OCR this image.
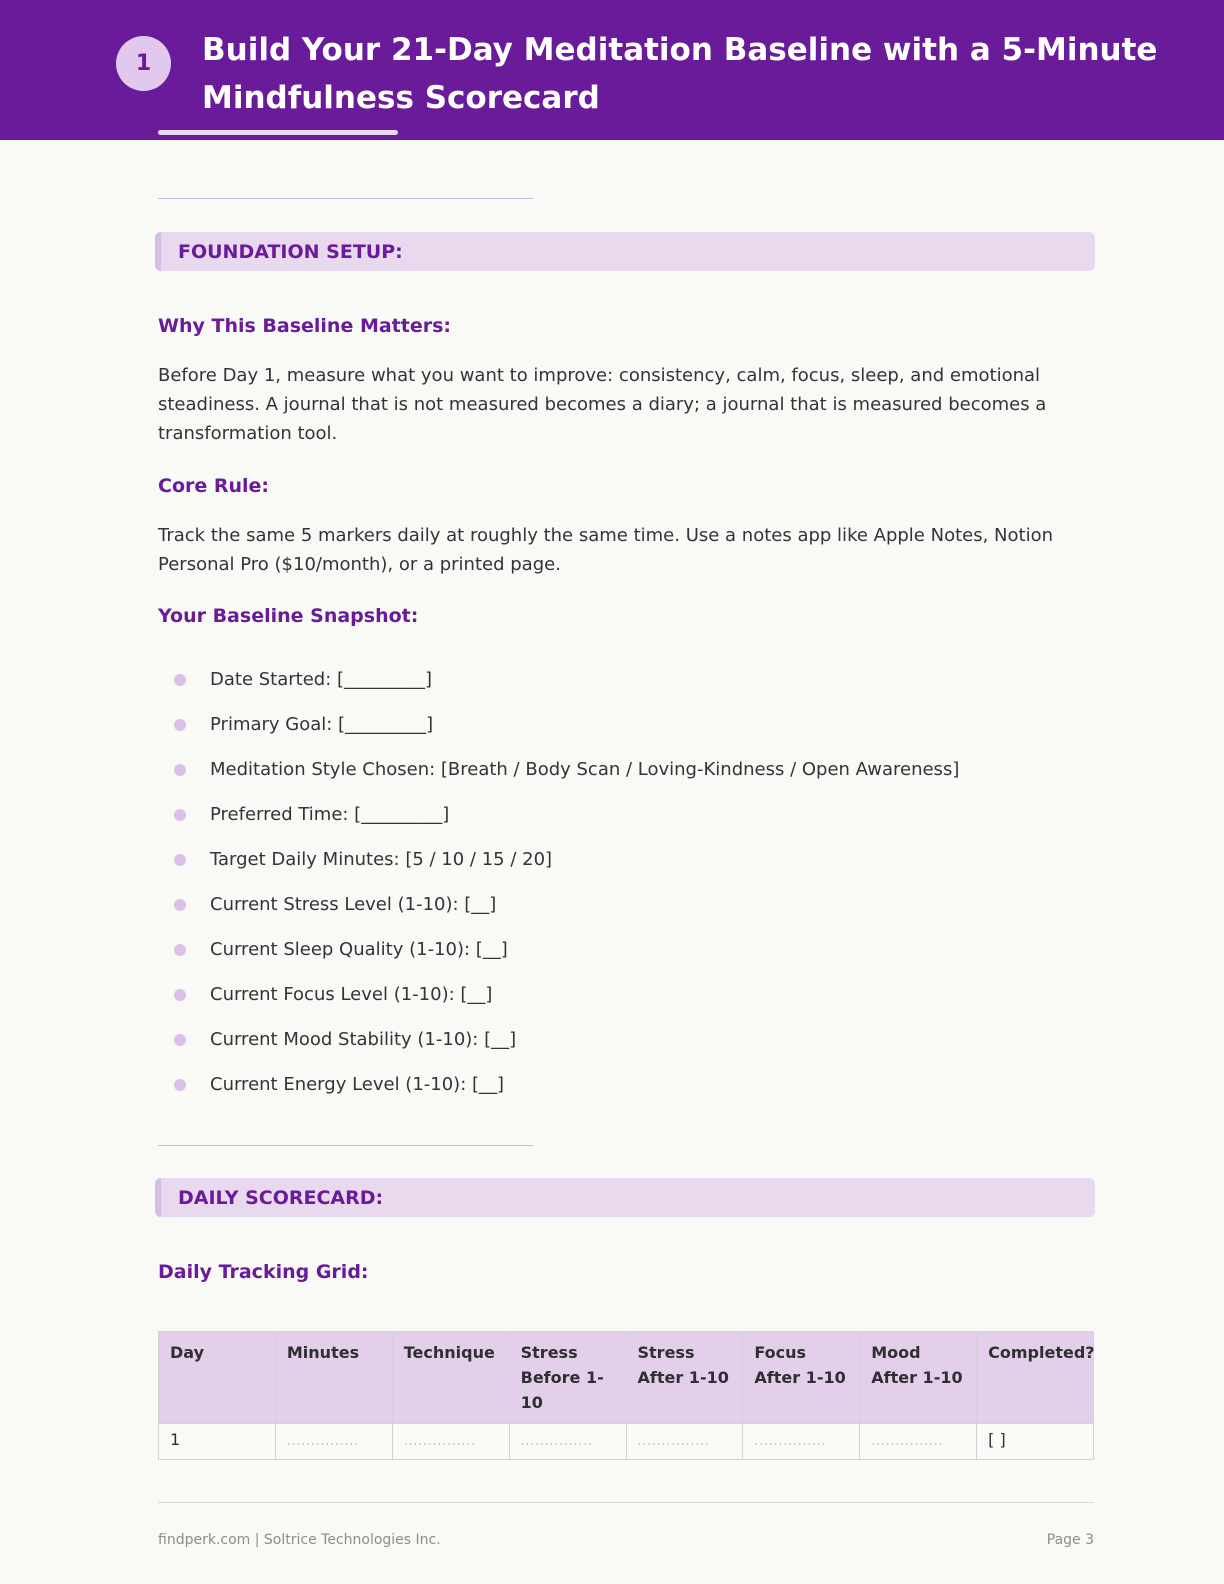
1	Build Your 21-Day Meditation Baseline with a 5-Minute Mindfulness Scorecard
FOUNDATION SETUP:
Why This Baseline Matters:
Before Day 1, measure what you want to improve: consistency, calm, focus, sleep, and emotional steadiness. A journal that is not measured becomes a diary; a journal that is measured becomes a transformation tool.
Core Rule:
Track the same 5 markers daily at roughly the same time. Use a notes app like Apple Notes, Notion Personal Pro ($10/month), or a printed page.
Your Baseline Snapshot:
Date Started: [_________]
Primary Goal: [_________]
Meditation Style Chosen: [Breath / Body Scan / Loving-Kindness / Open Awareness]
Preferred Time: [_________]
Target Daily Minutes: [5 / 10 / 15 / 20]
Current Stress Level (1-10): [__]
Current Sleep Quality (1-10): [__]
Current Focus Level (1-10): [__]
Current Mood Stability (1-10): [__]
Current Energy Level (1-10): [__]
DAILY SCORECARD:
Daily Tracking Grid:
Day	Minutes	Technique	Stress Before 1-10	Stress After 1-10	Focus After 1-10	Mood After 1-10	Completed?
1	...............	...............	...............	...............	...............	...............	[ ]
findperk.com | Soltrice Technologies Inc.	Page 3
